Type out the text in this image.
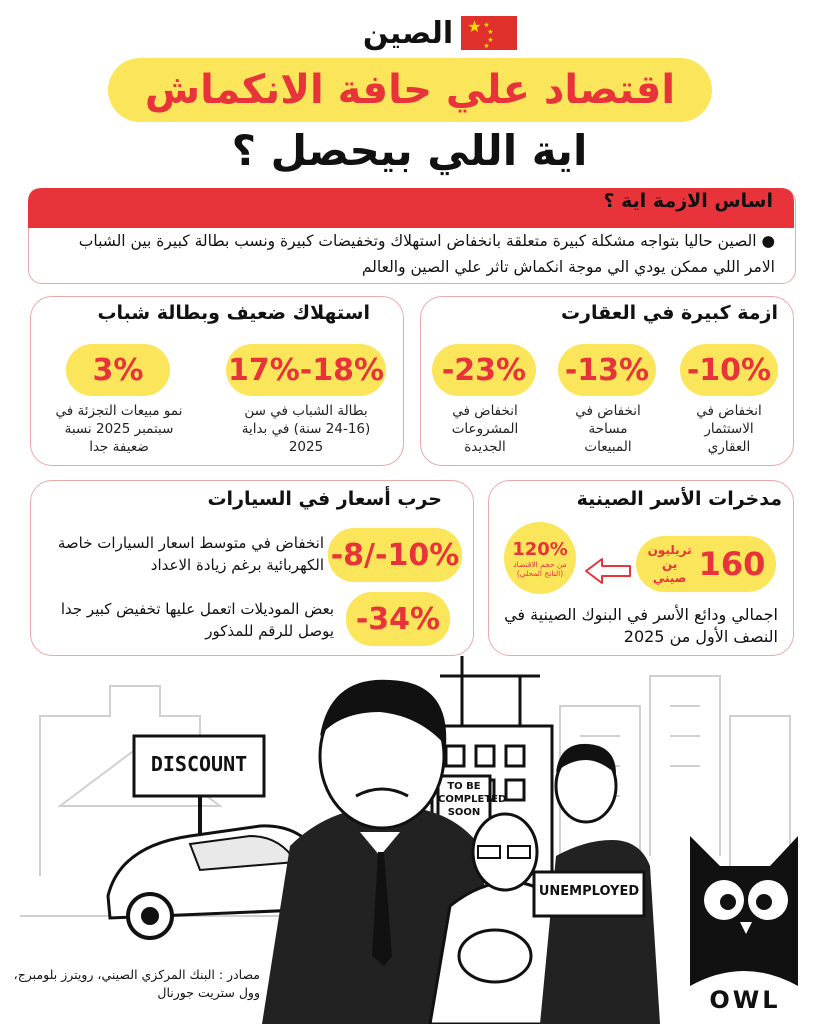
★ ★
★
★
★
الصين
اقتصاد علي حافة الانكماش
اية اللي بيحصل ؟
اساس الازمة اية ؟
● الصين حاليا بتواجه مشكلة كبيرة متعلقة بانخفاض استهلاك وتخفيضات كبيرة ونسب بطالة كبيرة بين الشباب الامر اللي ممكن يودي الي موجة انكماش تاثر علي الصين والعالم
ازمة كبيرة في العقارت
-10%
انخفاض في الاستثمار العقاري
-13%
انخفاض في مساحة المبيعات
-23%
انخفاض في المشروعات الجديدة
استهلاك ضعيف وبطالة شباب
17%-18%
بطالة الشباب في سن (16-24 سنة) في بداية 2025
3%
نمو مبيعات التجزئة في سبتمبر 2025 نسبة ضعيفة جدا
مدخرات الأسر الصينية
160
تريليون ين صيني
120%
من حجم الاقتصاد (الناتج المحلي)
اجمالي ودائع الأسر في البنوك الصينية في النصف الأول من 2025
حرب أسعار في السيارات
-8/-10%
انخفاض في متوسط اسعار السيارات خاصة الكهربائية برغم زيادة الاعداد
-34%
بعض الموديلات اتعمل عليها تخفيض كبير جدا يوصل للرقم للمذكور
DISCOUNT
TO BE COMPLETED SOON
UNEMPLOYED
مصادر : البنك المركزي الصيني، رويترز بلومبرج، وول ستريت جورنال	OWL
